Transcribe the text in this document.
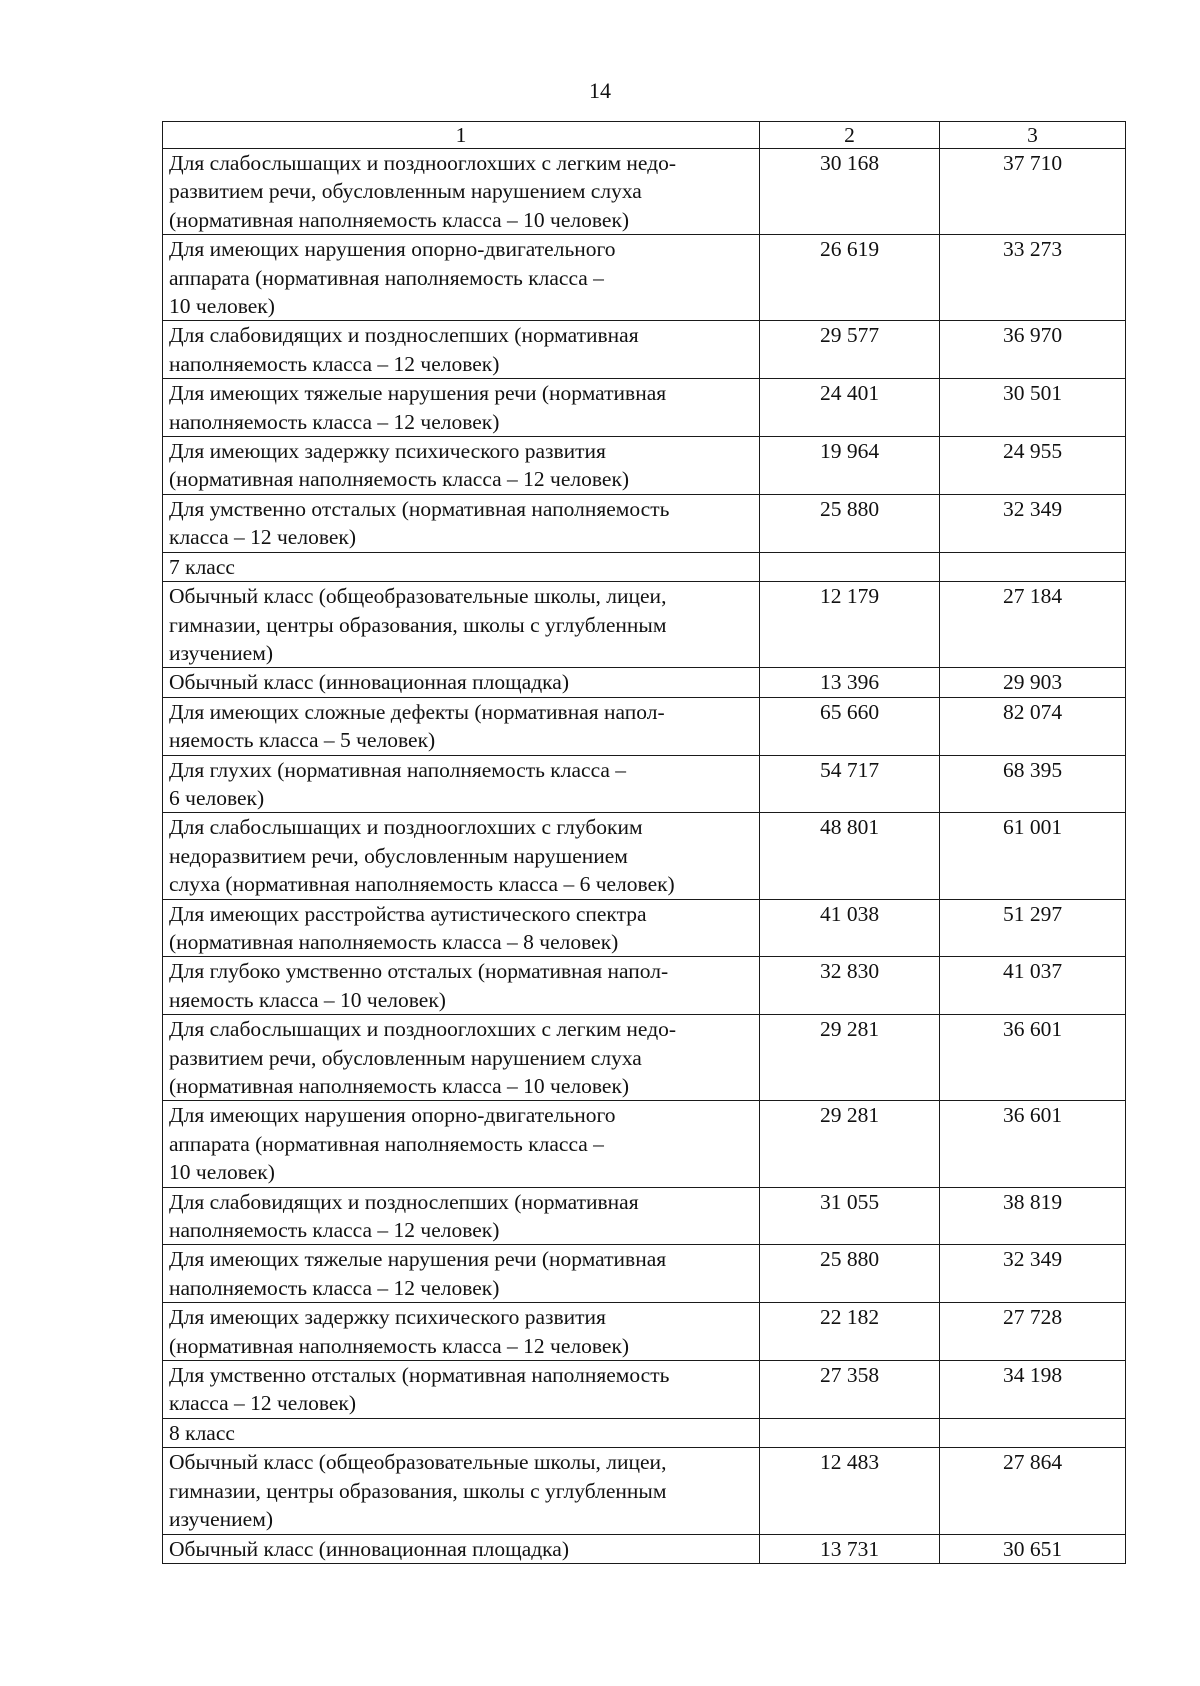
14
1	2	3
Для слабослышащих и позднооглохших с легким недо-
развитием речи, обусловленным нарушением слуха
(нормативная наполняемость класса – 10 человек)	30 168	37 710
Для имеющих нарушения опорно-двигательного
аппарата (нормативная наполняемость класса –
10 человек)	26 619	33 273
Для слабовидящих и позднослепших (нормативная
наполняемость класса – 12 человек)	29 577	36 970
Для имеющих тяжелые нарушения речи (нормативная
наполняемость класса – 12 человек)	24 401	30 501
Для имеющих задержку психического развития
(нормативная наполняемость класса – 12 человек)	19 964	24 955
Для умственно отсталых (нормативная наполняемость
класса – 12 человек)	25 880	32 349
7 класс		
Обычный класс (общеобразовательные школы, лицеи,
гимназии, центры образования, школы с углубленным
изучением)	12 179	27 184
Обычный класс (инновационная площадка)	13 396	29 903
Для имеющих сложные дефекты (нормативная напол-
няемость класса – 5 человек)	65 660	82 074
Для глухих (нормативная наполняемость класса –
6 человек)	54 717	68 395
Для слабослышащих и позднооглохших с глубоким
недоразвитием речи, обусловленным нарушением
слуха (нормативная наполняемость класса – 6 человек)	48 801	61 001
Для имеющих расстройства аутистического спектра
(нормативная наполняемость класса – 8 человек)	41 038	51 297
Для глубоко умственно отсталых (нормативная напол-
няемость класса – 10 человек)	32 830	41 037
Для слабослышащих и позднооглохших с легким недо-
развитием речи, обусловленным нарушением слуха
(нормативная наполняемость класса – 10 человек)	29 281	36 601
Для имеющих нарушения опорно-двигательного
аппарата (нормативная наполняемость класса –
10 человек)	29 281	36 601
Для слабовидящих и позднослепших (нормативная
наполняемость класса – 12 человек)	31 055	38 819
Для имеющих тяжелые нарушения речи (нормативная
наполняемость класса – 12 человек)	25 880	32 349
Для имеющих задержку психического развития
(нормативная наполняемость класса – 12 человек)	22 182	27 728
Для умственно отсталых (нормативная наполняемость
класса – 12 человек)	27 358	34 198
8 класс		
Обычный класс (общеобразовательные школы, лицеи,
гимназии, центры образования, школы с углубленным
изучением)	12 483	27 864
Обычный класс (инновационная площадка)	13 731	30 651
